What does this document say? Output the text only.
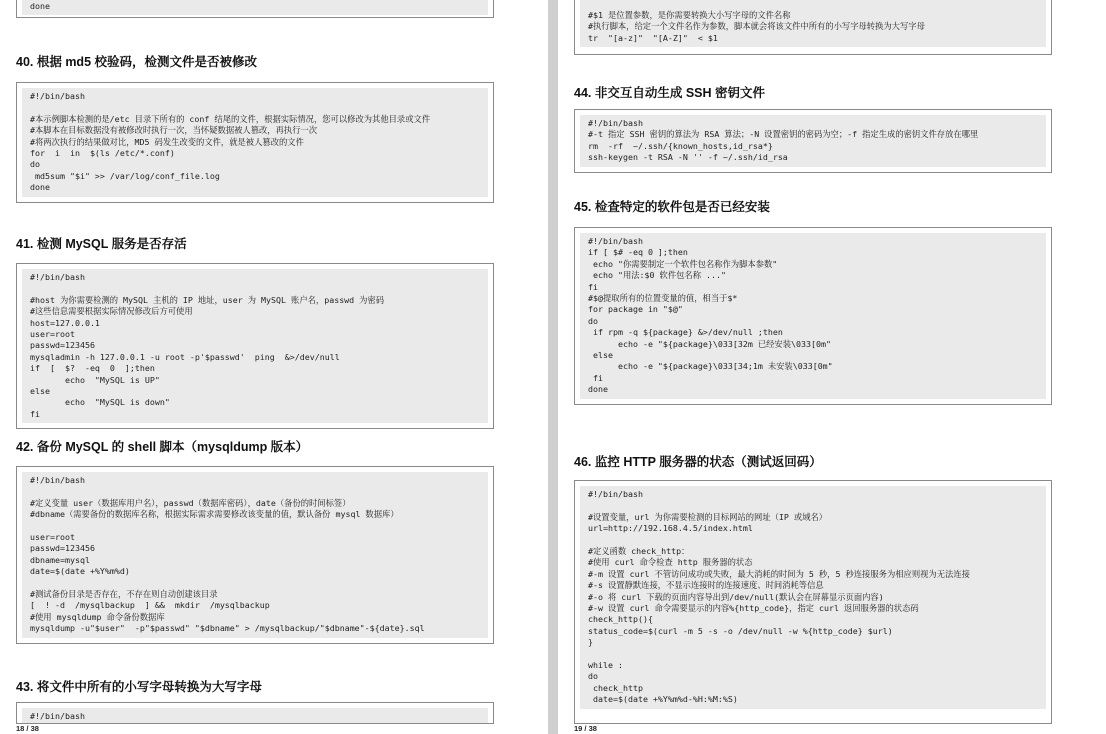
done
40. 根据 md5 校验码，检测文件是否被修改
#!/bin/bash
#本示例脚本检测的是/etc 目录下所有的 conf 结尾的文件，根据实际情况，您可以修改为其他目录或文件
#本脚本在目标数据没有被修改时执行一次，当怀疑数据被人篡改，再执行一次
#将两次执行的结果做对比，MD5 码发生改变的文件，就是被人篡改的文件
for  i  in  $(ls /etc/*.conf)
do
md5sum "$i" >> /var/log/conf_file.log
done
41. 检测 MySQL 服务是否存活
#!/bin/bash
#host 为你需要检测的 MySQL 主机的 IP 地址，user 为 MySQL 账户名，passwd 为密码
#这些信息需要根据实际情况修改后方可使用
host=127.0.0.1
user=root
passwd=123456
mysqladmin -h 127.0.0.1 -u root -p'$passwd'  ping  &>/dev/null
if  [  $?  -eq  0  ];then
echo  "MySQL is UP"
else
echo  "MySQL is down"
fi
42. 备份 MySQL 的 shell 脚本（mysqldump 版本）
#!/bin/bash
#定义变量 user（数据库用户名），passwd（数据库密码），date（备份的时间标签）
#dbname（需要备份的数据库名称，根据实际需求需要修改该变量的值，默认备份 mysql 数据库）
user=root
passwd=123456
dbname=mysql
date=$(date +%Y%m%d)
#测试备份目录是否存在，不存在则自动创建该目录
[  ! -d  /mysqlbackup  ] &&  mkdir  /mysqlbackup
#使用 mysqldump 命令备份数据库
mysqldump -u"$user"  -p"$passwd" "$dbname" > /mysqlbackup/"$dbname"-${date}.sql
43. 将文件中所有的小写字母转换为大写字母
#!/bin/bash
18 / 38
#$1 是位置参数，是你需要转换大小写字母的文件名称
#执行脚本，给定一个文件名作为参数，脚本就会将该文件中所有的小写字母转换为大写字母
tr  "[a-z]"  "[A-Z]"  < $1
44. 非交互自动生成 SSH 密钥文件
#!/bin/bash
#-t 指定 SSH 密钥的算法为 RSA 算法；-N 设置密钥的密码为空；-f 指定生成的密钥文件存放在哪里
rm  -rf  ~/.ssh/{known_hosts,id_rsa*}
ssh-keygen -t RSA -N '' -f ~/.ssh/id_rsa
45. 检查特定的软件包是否已经安装
#!/bin/bash
if [ $# -eq 0 ];then
echo "你需要制定一个软件包名称作为脚本参数"
echo "用法:$0 软件包名称 ..."
fi
#$@提取所有的位置变量的值，相当于$*
for package in "$@"
do
if rpm -q ${package} &>/dev/null ;then
echo -e "${package}\033[32m 已经安装\033[0m"
else
echo -e "${package}\033[34;1m 未安装\033[0m"
fi
done
46. 监控 HTTP 服务器的状态（测试返回码）
#!/bin/bash
#设置变量，url 为你需要检测的目标网站的网址（IP 或域名）
url=http://192.168.4.5/index.html
#定义函数 check_http：
#使用 curl 命令检查 http 服务器的状态
#-m 设置 curl 不管访问成功或失败，最大消耗的时间为 5 秒，5 秒连接服务为相应则视为无法连接
#-s 设置静默连接，不显示连接时的连接速度、时间消耗等信息
#-o 将 curl 下载的页面内容导出到/dev/null(默认会在屏幕显示页面内容)
#-w 设置 curl 命令需要显示的内容%{http_code}，指定 curl 返回服务器的状态码
check_http(){
status_code=$(curl -m 5 -s -o /dev/null -w %{http_code} $url)
}
while :
do
check_http
date=$(date +%Y%m%d-%H:%M:%S)
19 / 38
